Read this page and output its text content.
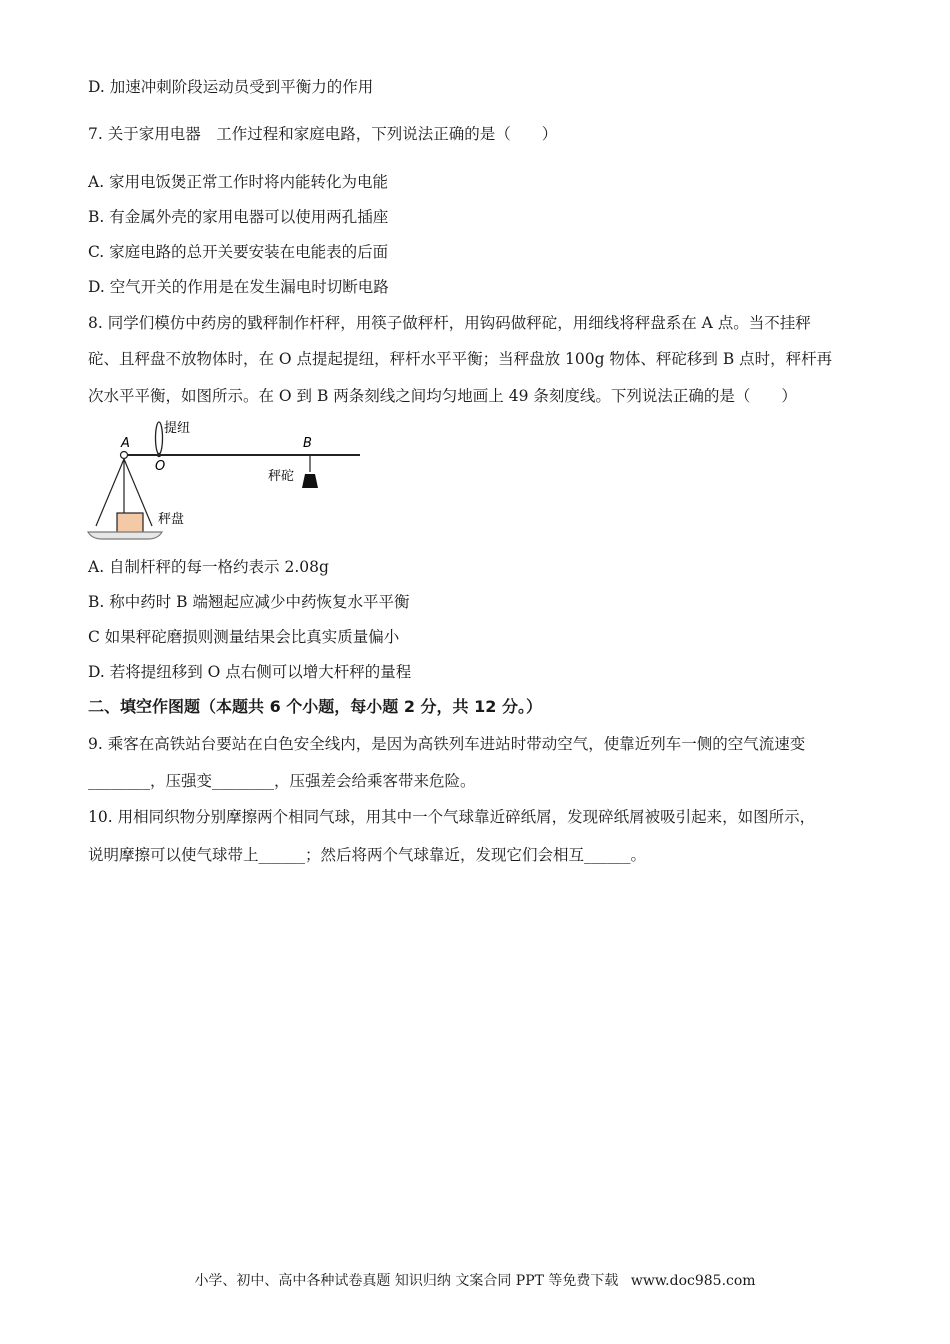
D. 加速冲刺阶段运动员受到平衡力的作用
7. 关于家用电器　工作过程和家庭电路，下列说法正确的是（　　）
A. 家用电饭煲正常工作时将内能转化为电能
B. 有金属外壳的家用电器可以使用两孔插座
C. 家庭电路的总开关要安装在电能表的后面
D. 空气开关的作用是在发生漏电时切断电路
8. 同学们模仿中药房的戥秤制作杆秤，用筷子做秤杆，用钩码做秤砣，用细线将秤盘系在 A 点。当不挂秤
砣、且秤盘不放物体时，在 O 点提起提纽，秤杆水平平衡；当秤盘放 100g 物体、秤砣移到 B 点时，秤杆再
次水平平衡，如图所示。在 O 到 B 两条刻线之间均匀地画上 49 条刻度线。下列说法正确的是（　　）
A
O
B
提纽
秤砣
秤盘
A. 自制杆秤的每一格约表示 2.08g
B. 称中药时 B 端翘起应减少中药恢复水平平衡
C 如果秤砣磨损则测量结果会比真实质量偏小
D. 若将提纽移到 O 点右侧可以增大杆秤的量程
二、填空作图题（本题共 6 个小题，每小题 2 分，共 12 分。）
9. 乘客在高铁站台要站在白色安全线内，是因为高铁列车进站时带动空气，使靠近列车一侧的空气流速变
________，压强变________，压强差会给乘客带来危险。
10. 用相同织物分别摩擦两个相同气球，用其中一个气球靠近碎纸屑，发现碎纸屑被吸引起来，如图所示，
说明摩擦可以使气球带上______；然后将两个气球靠近，发现它们会相互______。
小学、初中、高中各种试卷真题 知识归纳 文案合同 PPT 等免费下载 www.doc985.com
